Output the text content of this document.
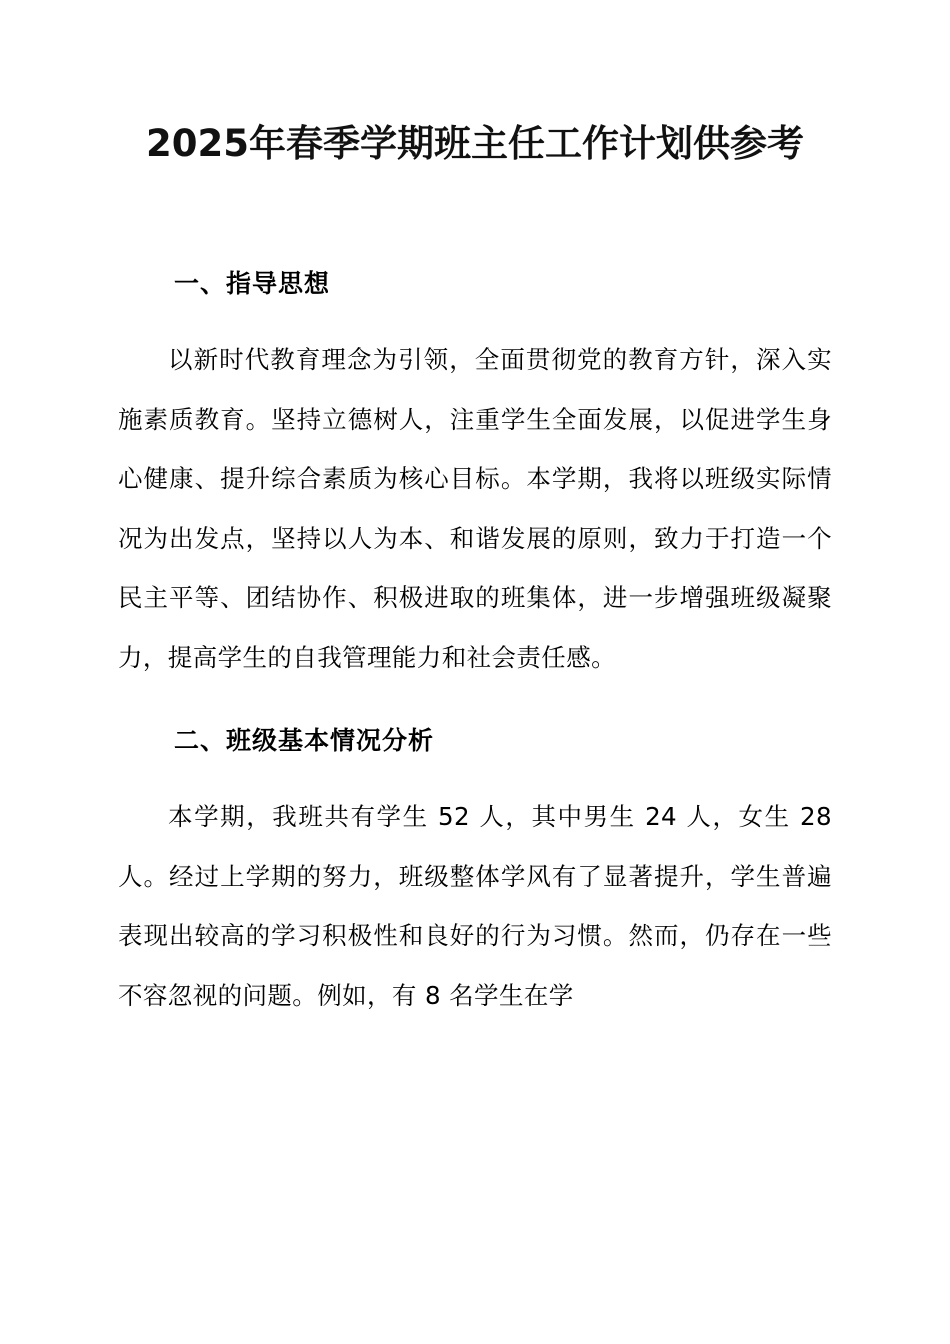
2025年春季学期班主任工作计划供参考
一、指导思想

以新时代教育理念为引领，全面贯彻党的教育方针，深入实施素质教育。坚持立德树人，注重学生全面发展，以促进学生身心健康、提升综合素质为核心目标。本学期，我将以班级实际情况为出发点，坚持以人为本、和谐发展的原则，致力于打造一个民主平等、团结协作、积极进取的班集体，进一步增强班级凝聚力，提高学生的自我管理能力和社会责任感。

二、班级基本情况分析

本学期，我班共有学生 52 人，其中男生 24 人，女生 28 人。经过上学期的努力，班级整体学风有了显著提升，学生普遍表现出较高的学习积极性和良好的行为习惯。然而，仍存在一些不容忽视的问题。例如，有 8 名学生在学
